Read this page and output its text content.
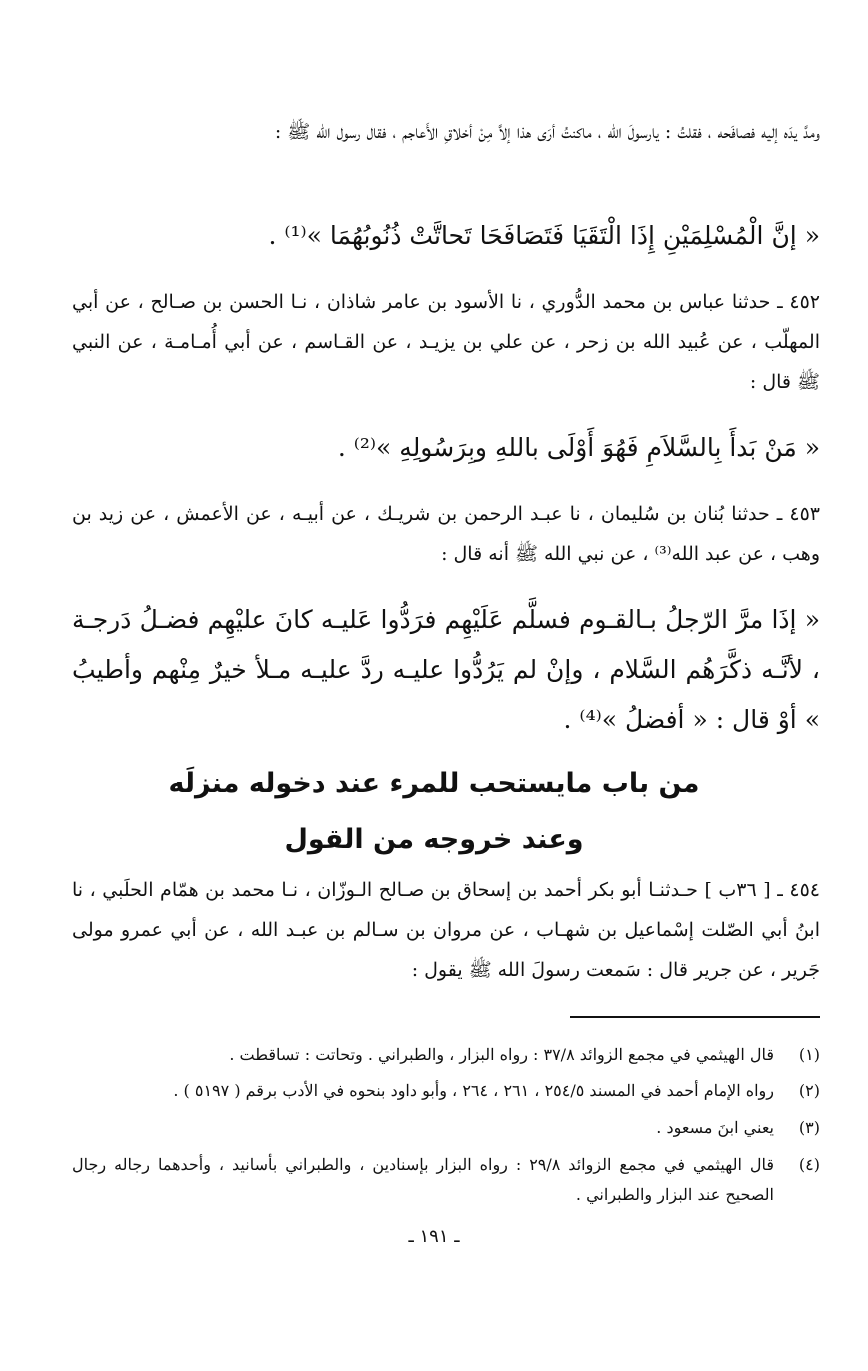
ومدَّ يدَه إليه فصافَحه ، فقلتُ : يارسولَ الله ، ماكنتُ أرَى هذا إلاَّ مِنْ أخلاقِ الأَعاجم ، فقال رسول الله ﷺ :

« إنَّ الْمُسْلِمَيْنِ إِذَا الْتَقَيَا فَتَصَافَحَا تَحاتَّتْ ذُنُوبُهُمَا »⁽¹⁾ .

٤٥٢ ـ حدثنا عباس بن محمد الدُّوري ، نا الأسود بن عامر شاذان ، نـا الحسن بن صـالح ، عن أبي المهلّب ، عن عُبيد الله بن زحر ، عن علي بن يزيـد ، عن القـاسم ، عن أبي أُمـامـة ، عن النبي ﷺ قال :

« مَنْ بَدأَ بِالسَّلاَمِ فَهُوَ أَوْلَى باللهِ وبِرَسُولِهِ »⁽²⁾ .

٤٥٣ ـ حدثنا بُنان بن سُليمان ، نا عبـد الرحمن بن شريـك ، عن أبيـه ، عن الأعمش ، عن زيد بن وهب ، عن عبد الله⁽³⁾ ، عن نبي الله ﷺ أنه قال :

« إذَا مرَّ الرّجلُ بـالقـوم فسلَّم عَلَيْهِم فرَدُّوا عَليـه كانَ عليْهِم فضـلُ دَرجـة ، لأنَّـه ذكَّرَهُم السَّلام ، وإنْ لم يَرُدُّوا عليـه ردَّ عليـه مـلأ خيرٌ مِنْهم وأطيبُ » أوْ قال : « أفضلُ »⁽⁴⁾ .

من باب مايستحب للمرء عند دخوله منزلَه
وعند خروجه من القول

٤٥٤ ـ [ ٣٦ب ] حـدثنـا أبو بكر أحمد بن إسحاق بن صـالح الـوزّان ، نـا محمد بن همّام الحلَبي ، نا ابنُ أبي الصّلت إسْماعيل بن شهـاب ، عن مروان بن سـالم بن عبـد الله ، عن أبي عمرو مولى جَرير ، عن جرير قال : سَمعت رسولَ الله ﷺ يقول :

(١)
قال الهيثمي في مجمع الزوائد ٣٧/٨ : رواه البزار ، والطبراني . وتحاتت : تساقطت .
(٢)
رواه الإمام أحمد في المسند ٢٥٤/٥ ، ٢٦١ ، ٢٦٤ ، وأبو داود بنحوه في الأدب برقم ( ٥١٩٧ ) .
(٣)
يعني ابنَ مسعود .
(٤)
قال الهيثمي في مجمع الزوائد ٢٩/٨ : رواه البزار بإسنادين ، والطبراني بأسانيد ، وأحدهما رجاله رجال الصحيح عند البزار والطبراني .
ـ ١٩١ ـ
